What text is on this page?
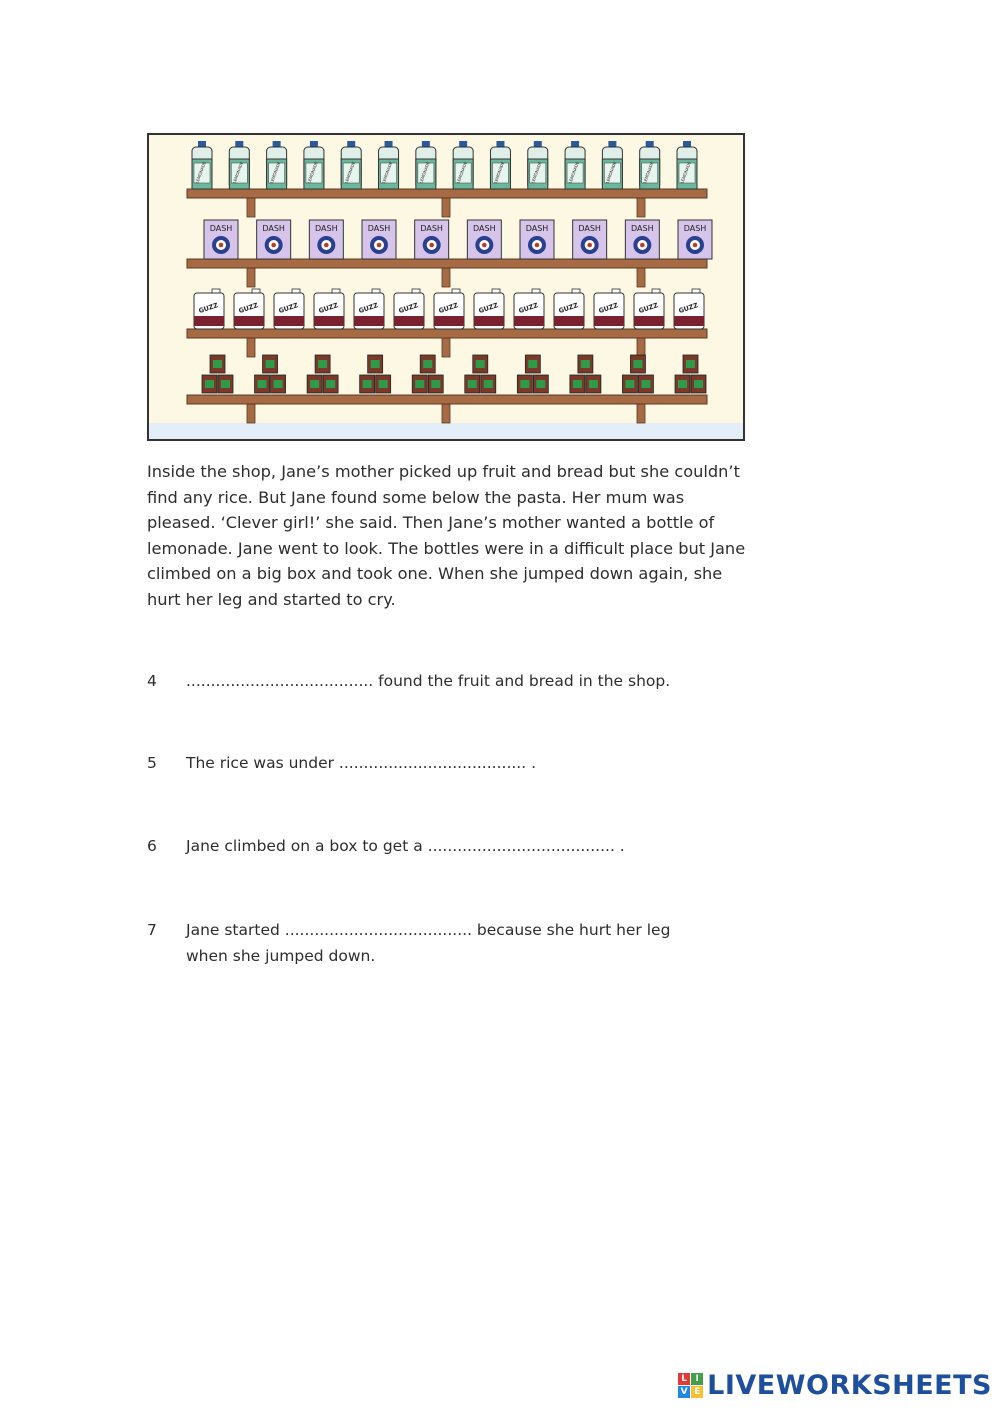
LEMONADE	LEMONADE	LEMONADE	LEMONADE	LEMONADE	LEMONADE	LEMONADE	LEMONADE	LEMONADE	LEMONADE	LEMONADE	LEMONADE	LEMONADE	LEMONADE
DASH	DASH	DASH	DASH	DASH	DASH	DASH	DASH	DASH	DASH
GUZZ	GUZZ	GUZZ	GUZZ	GUZZ	GUZZ	GUZZ	GUZZ	GUZZ	GUZZ	GUZZ	GUZZ	GUZZ

Inside the shop, Jane’s mother picked up fruit and bread but she couldn’t find any rice. But Jane found some below the pasta. Her mum was pleased. ‘Clever girl!’ she said. Then Jane’s mother wanted a bottle of lemonade. Jane went to look. The bottles were in a difficult place but Jane climbed on a big box and took one. When she jumped down again, she hurt her leg and started to cry.

4 ...................................... found the fruit and bread in the shop.
5 The rice was under ...................................... .
6 Jane climbed on a box to get a ...................................... .
7 Jane started ...................................... because she hurt her leg
when she jumped down.
L I
V E LIVEWORKSHEETS
